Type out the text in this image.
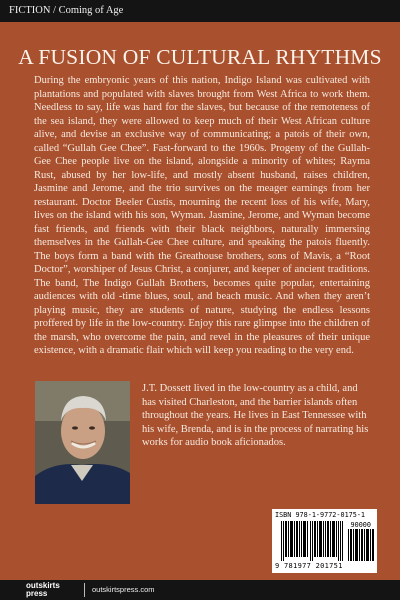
FICTION / Coming of Age
A FUSION OF CULTURAL RHYTHMS
During the embryonic years of this nation, Indigo Island was cultivated with plantations and populated with slaves brought from West Africa to work them. Needless to say, life was hard for the slaves, but because of the remoteness of the sea island, they were allowed to keep much of their West African culture alive, and devise an exclusive way of communicating; a patois of their own, called “Gullah Gee Chee”. Fast-forward to the 1960s. Progeny of the Gullah-Gee Chee people live on the island, alongside a minority of whites; Rayma Rust, abused by her low-life, and mostly absent husband, raises children, Jasmine and Jerome, and the trio survives on the meager earnings from her restaurant. Doctor Beeler Custis, mourning the recent loss of his wife, Mary, lives on the island with his son, Wyman. Jasmine, Jerome, and Wyman become fast friends, and friends with their black neighbors, naturally immersing themselves in the Gullah-Gee Chee culture, and speaking the patois fluently. The boys form a band with the Greathouse brothers, sons of Mavis, a “Root Doctor”, worshiper of Jesus Christ, a conjurer, and keeper of ancient traditions. The band, The Indigo Gullah Brothers, becomes quite popular, entertaining audiences with old -time blues, soul, and beach music. And when they aren’t playing music, they are students of nature, studying the endless lessons proffered by life in the low-country. Enjoy this rare glimpse into the children of the marsh, who overcome the pain, and revel in the pleasures of their unique existence, with a dramatic flair which will keep you reading to the very end.
J.T. Dossett lived in the low-country as a child, and has visited Charleston, and the barrier islands often throughout the years. He lives in East Tennessee with his wife, Brenda, and is in the process of narrating his works for audio book aficionados.
ISBN 978-1-9772-0175-1
90000
9 781977 201751
outskirts
press	outskirtspress.com
